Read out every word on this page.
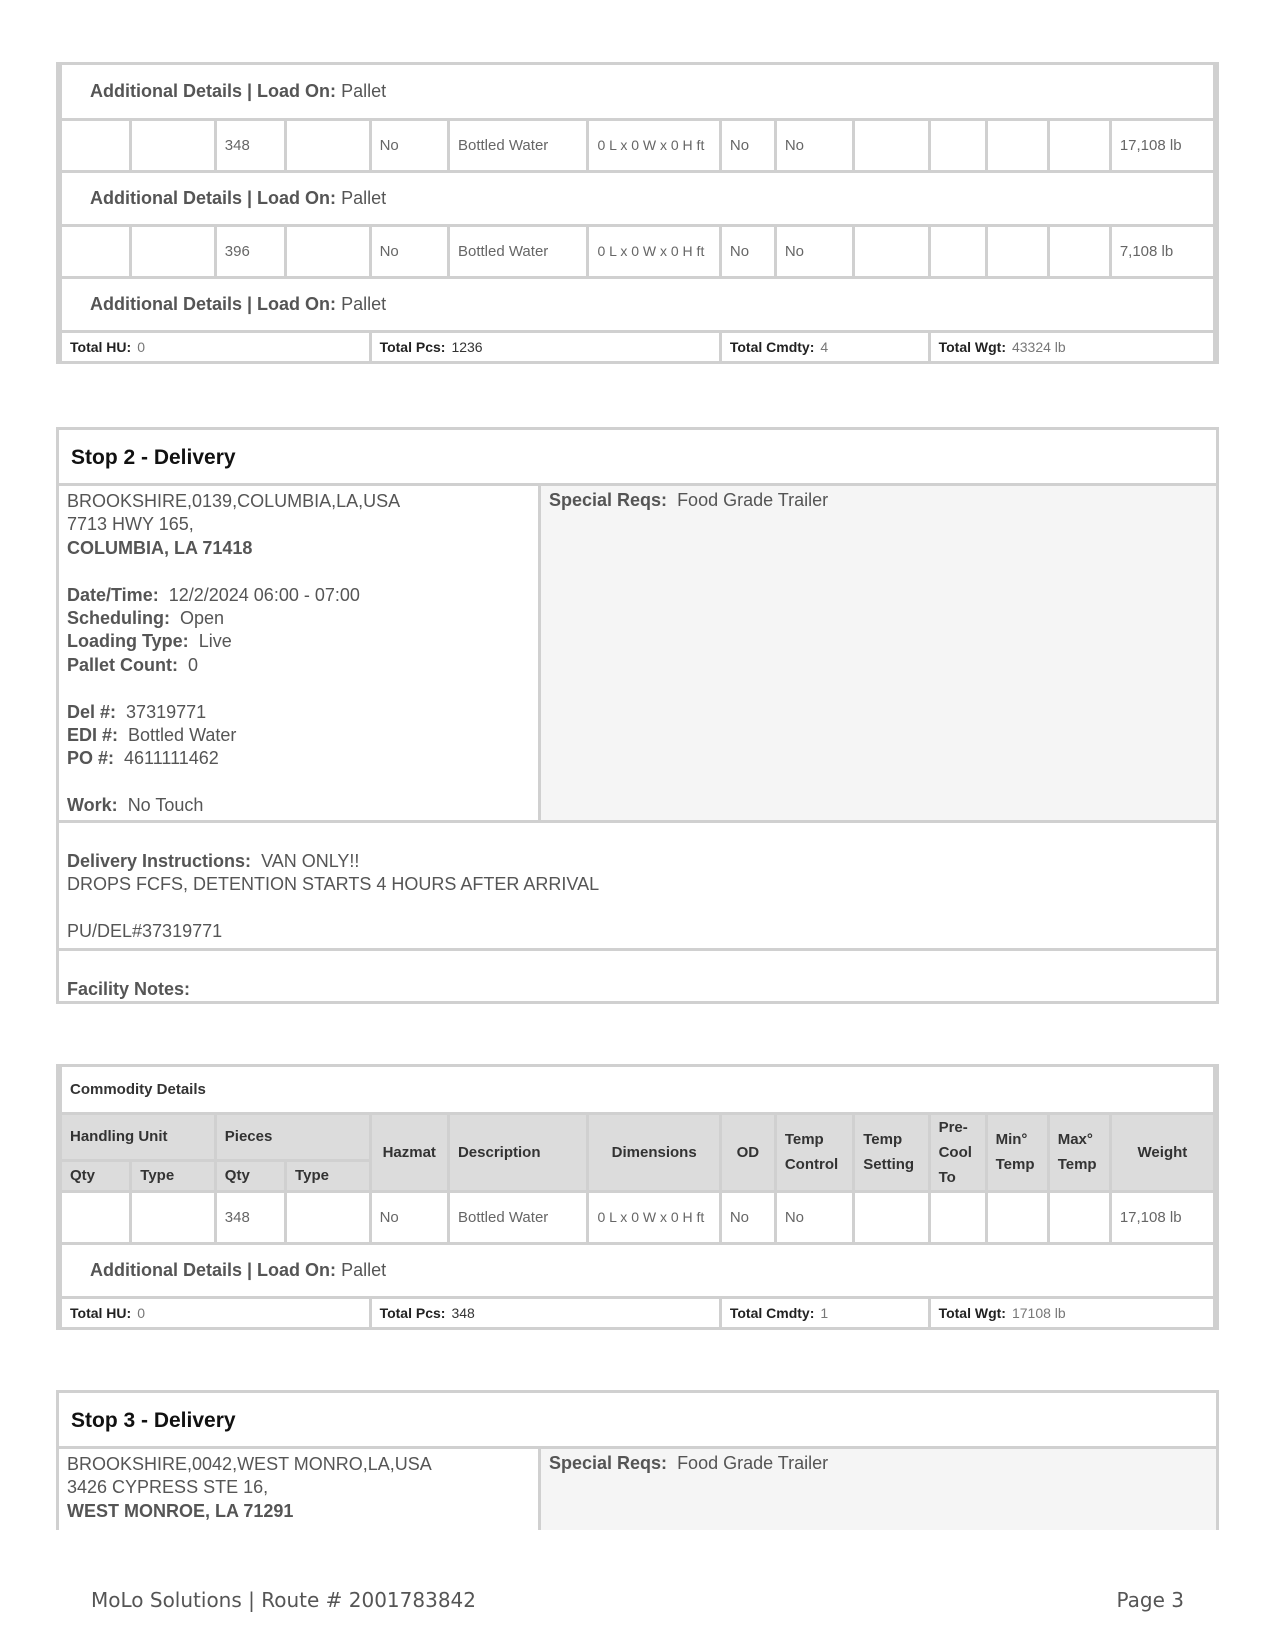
Additional Details | Load On: Pallet													
		348		No	Bottled Water	0 L x 0 W x 0 H ft	No	No					17,108 lb
Additional Details | Load On: Pallet													
		396		No	Bottled Water	0 L x 0 W x 0 H ft	No	No					7,108 lb
Additional Details | Load On: Pallet													
Total HU: 0				Total Pcs: 1236			Total Cmdty: 4			Total Wgt: 43324 lb			
Stop 2 - Delivery
BROOKSHIRE,0139,COLUMBIA,LA,USA
7713 HWY 165,
COLUMBIA, LA 71418
Date/Time: 12/2/2024 06:00 - 07:00
Scheduling: Open
Loading Type: Live
Pallet Count: 0
Del #: 37319771
EDI #: Bottled Water
PO #: 4611111462
Work: No Touch
Special Reqs: Food Grade Trailer
Delivery Instructions: VAN ONLY!!
DROPS FCFS, DETENTION STARTS 4 HOURS AFTER ARRIVAL
PU/DEL#37319771
Facility Notes:
Commodity Details													
Handling Unit		Pieces		Hazmat	Description	Dimensions	OD	Temp Control	Temp Setting	Pre-Cool To	Min° Temp	Max° Temp	Weight
Qty	Type	Qty	Type										
		348		No	Bottled Water	0 L x 0 W x 0 H ft	No	No					17,108 lb
Additional Details | Load On: Pallet													
Total HU: 0				Total Pcs: 348			Total Cmdty: 1			Total Wgt: 17108 lb			
Stop 3 - Delivery
BROOKSHIRE,0042,WEST MONRO,LA,USA
3426 CYPRESS STE 16,
WEST MONROE, LA 71291
Special Reqs: Food Grade Trailer
MoLo Solutions | Route # 2001783842	Page 3
